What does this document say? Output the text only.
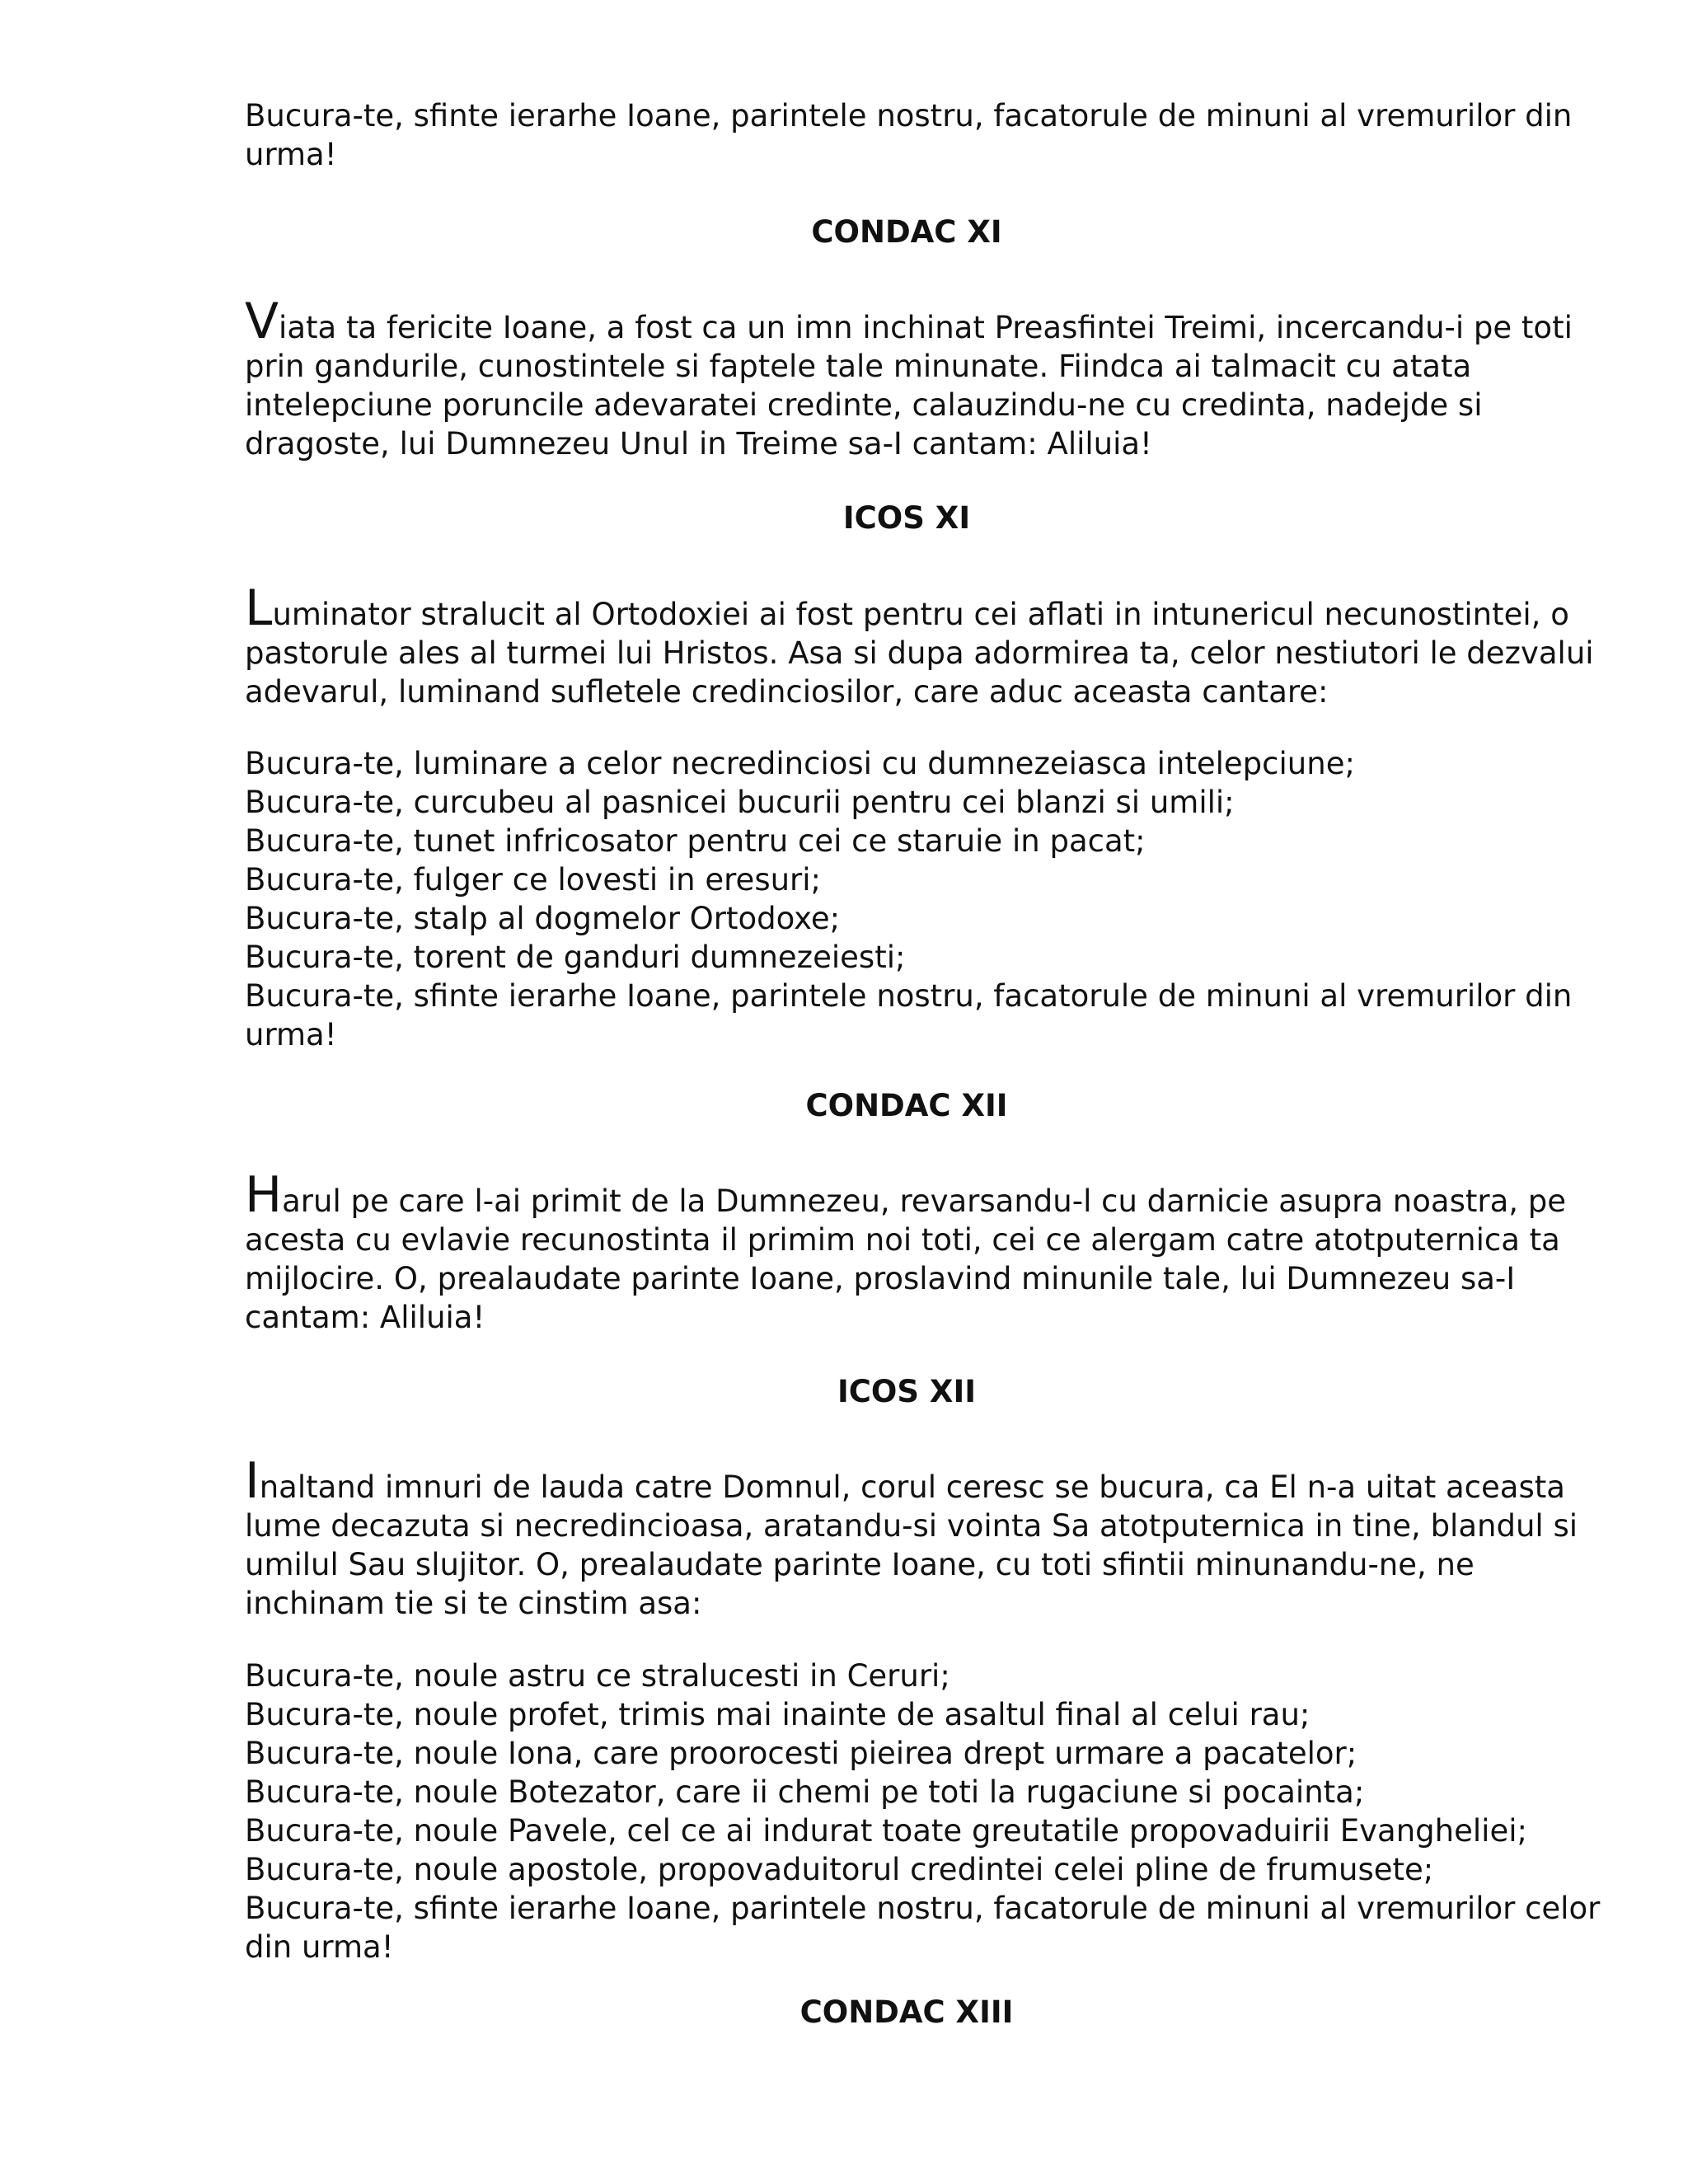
Bucura-te, sfinte ierarhe Ioane, parintele nostru, facatorule de minuni al vremurilor din
urma!
CONDAC XI
Viata ta fericite Ioane, a fost ca un imn inchinat Preasfintei Treimi, incercandu-i pe toti
prin gandurile, cunostintele si faptele tale minunate. Fiindca ai talmacit cu atata
intelepciune poruncile adevaratei credinte, calauzindu-ne cu credinta, nadejde si
dragoste, lui Dumnezeu Unul in Treime sa-I cantam: Aliluia!
ICOS XI
Luminator stralucit al Ortodoxiei ai fost pentru cei aflati in intunericul necunostintei, o
pastorule ales al turmei lui Hristos. Asa si dupa adormirea ta, celor nestiutori le dezvalui
adevarul, luminand sufletele credinciosilor, care aduc aceasta cantare:
Bucura-te, luminare a celor necredinciosi cu dumnezeiasca intelepciune;
Bucura-te, curcubeu al pasnicei bucurii pentru cei blanzi si umili;
Bucura-te, tunet infricosator pentru cei ce staruie in pacat;
Bucura-te, fulger ce lovesti in eresuri;
Bucura-te, stalp al dogmelor Ortodoxe;
Bucura-te, torent de ganduri dumnezeiesti;
Bucura-te, sfinte ierarhe Ioane, parintele nostru, facatorule de minuni al vremurilor din
urma!
CONDAC XII
Harul pe care l-ai primit de la Dumnezeu, revarsandu-l cu darnicie asupra noastra, pe
acesta cu evlavie recunostinta il primim noi toti, cei ce alergam catre atotputernica ta
mijlocire. O, prealaudate parinte Ioane, proslavind minunile tale, lui Dumnezeu sa-I
cantam: Aliluia!
ICOS XII
Inaltand imnuri de lauda catre Domnul, corul ceresc se bucura, ca El n-a uitat aceasta
lume decazuta si necredincioasa, aratandu-si vointa Sa atotputernica in tine, blandul si
umilul Sau slujitor. O, prealaudate parinte Ioane, cu toti sfintii minunandu-ne, ne
inchinam tie si te cinstim asa:
Bucura-te, noule astru ce stralucesti in Ceruri;
Bucura-te, noule profet, trimis mai inainte de asaltul final al celui rau;
Bucura-te, noule Iona, care proorocesti pieirea drept urmare a pacatelor;
Bucura-te, noule Botezator, care ii chemi pe toti la rugaciune si pocainta;
Bucura-te, noule Pavele, cel ce ai indurat toate greutatile propovaduirii Evangheliei;
Bucura-te, noule apostole, propovaduitorul credintei celei pline de frumusete;
Bucura-te, sfinte ierarhe Ioane, parintele nostru, facatorule de minuni al vremurilor celor
din urma!
CONDAC XIII
